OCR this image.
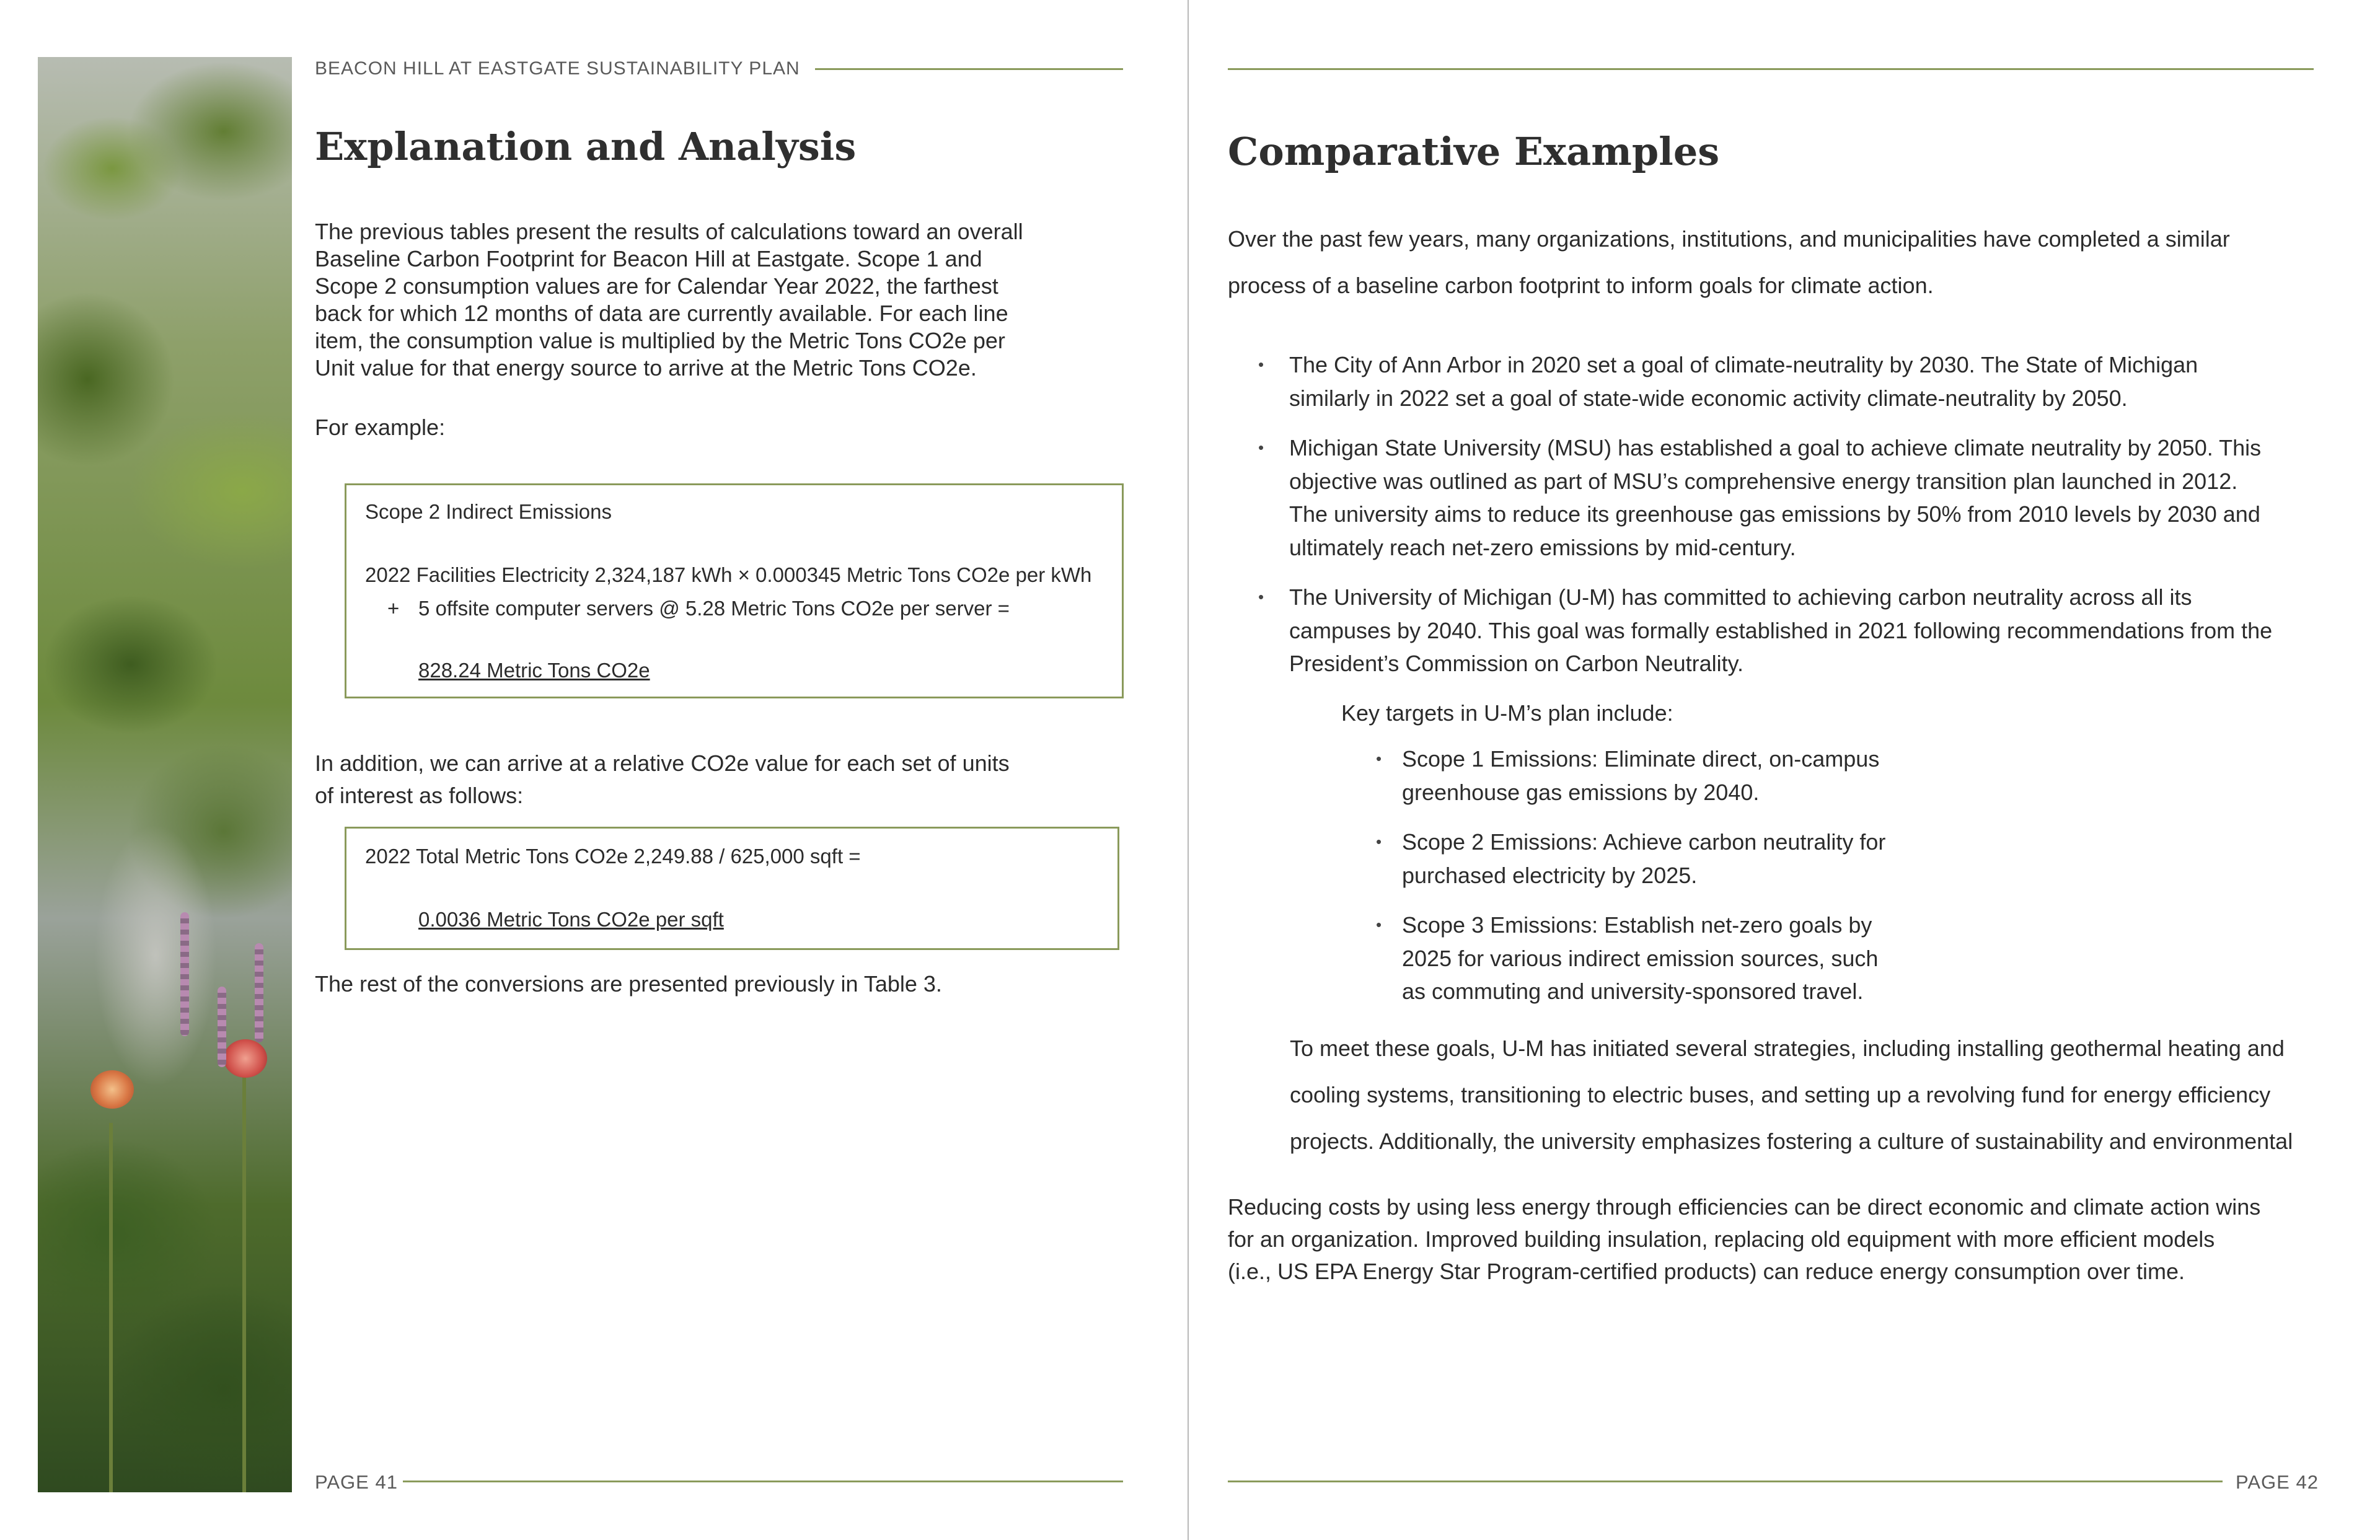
BEACON HILL AT EASTGATE SUSTAINABILITY PLAN
Explanation and Analysis
The previous tables present the results of calculations toward an overall
Baseline Carbon Footprint for Beacon Hill at Eastgate. Scope 1 and
Scope 2 consumption values are for Calendar Year 2022, the farthest
back for which 12 months of data are currently available. For each line
item, the consumption value is multiplied by the Metric Tons CO2e per
Unit value for that energy source to arrive at the Metric Tons CO2e.
For example:
Scope 2 Indirect Emissions
2022 Facilities Electricity 2,324,187 kWh × 0.000345 Metric Tons CO2e per kWh
+ 5 offsite computer servers @ 5.28 Metric Tons CO2e per server =
828.24 Metric Tons CO2e
In addition, we can arrive at a relative CO2e value for each set of units
of interest as follows:
2022 Total Metric Tons CO2e 2,249.88 / 625,000 sqft =
0.0036 Metric Tons CO2e per sqft
The rest of the conversions are presented previously in Table 3.
PAGE 41
Comparative Examples
Over the past few years, many organizations, institutions, and municipalities have completed a similar
process of a baseline carbon footprint to inform goals for climate action.
• The City of Ann Arbor in 2020 set a goal of climate-neutrality by 2030. The State of Michigan
similarly in 2022 set a goal of state-wide economic activity climate-neutrality by 2050.
• Michigan State University (MSU) has established a goal to achieve climate neutrality by 2050. This
objective was outlined as part of MSU’s comprehensive energy transition plan launched in 2012.
The university aims to reduce its greenhouse gas emissions by 50% from 2010 levels by 2030 and
ultimately reach net-zero emissions by mid-century.
• The University of Michigan (U-M) has committed to achieving carbon neutrality across all its
campuses by 2040. This goal was formally established in 2021 following recommendations from the
President’s Commission on Carbon Neutrality.
Key targets in U-M’s plan include:
• Scope 1 Emissions: Eliminate direct, on-campus
greenhouse gas emissions by 2040.
• Scope 2 Emissions: Achieve carbon neutrality for
purchased electricity by 2025.
• Scope 3 Emissions: Establish net-zero goals by
2025 for various indirect emission sources, such
as commuting and university-sponsored travel.
To meet these goals, U-M has initiated several strategies, including installing geothermal heating and
cooling systems, transitioning to electric buses, and setting up a revolving fund for energy efficiency
projects. Additionally, the university emphasizes fostering a culture of sustainability and environmental
Reducing costs by using less energy through efficiencies can be direct economic and climate action wins
for an organization. Improved building insulation, replacing old equipment with more efficient models
(i.e., US EPA Energy Star Program-certified products) can reduce energy consumption over time.
PAGE 42
